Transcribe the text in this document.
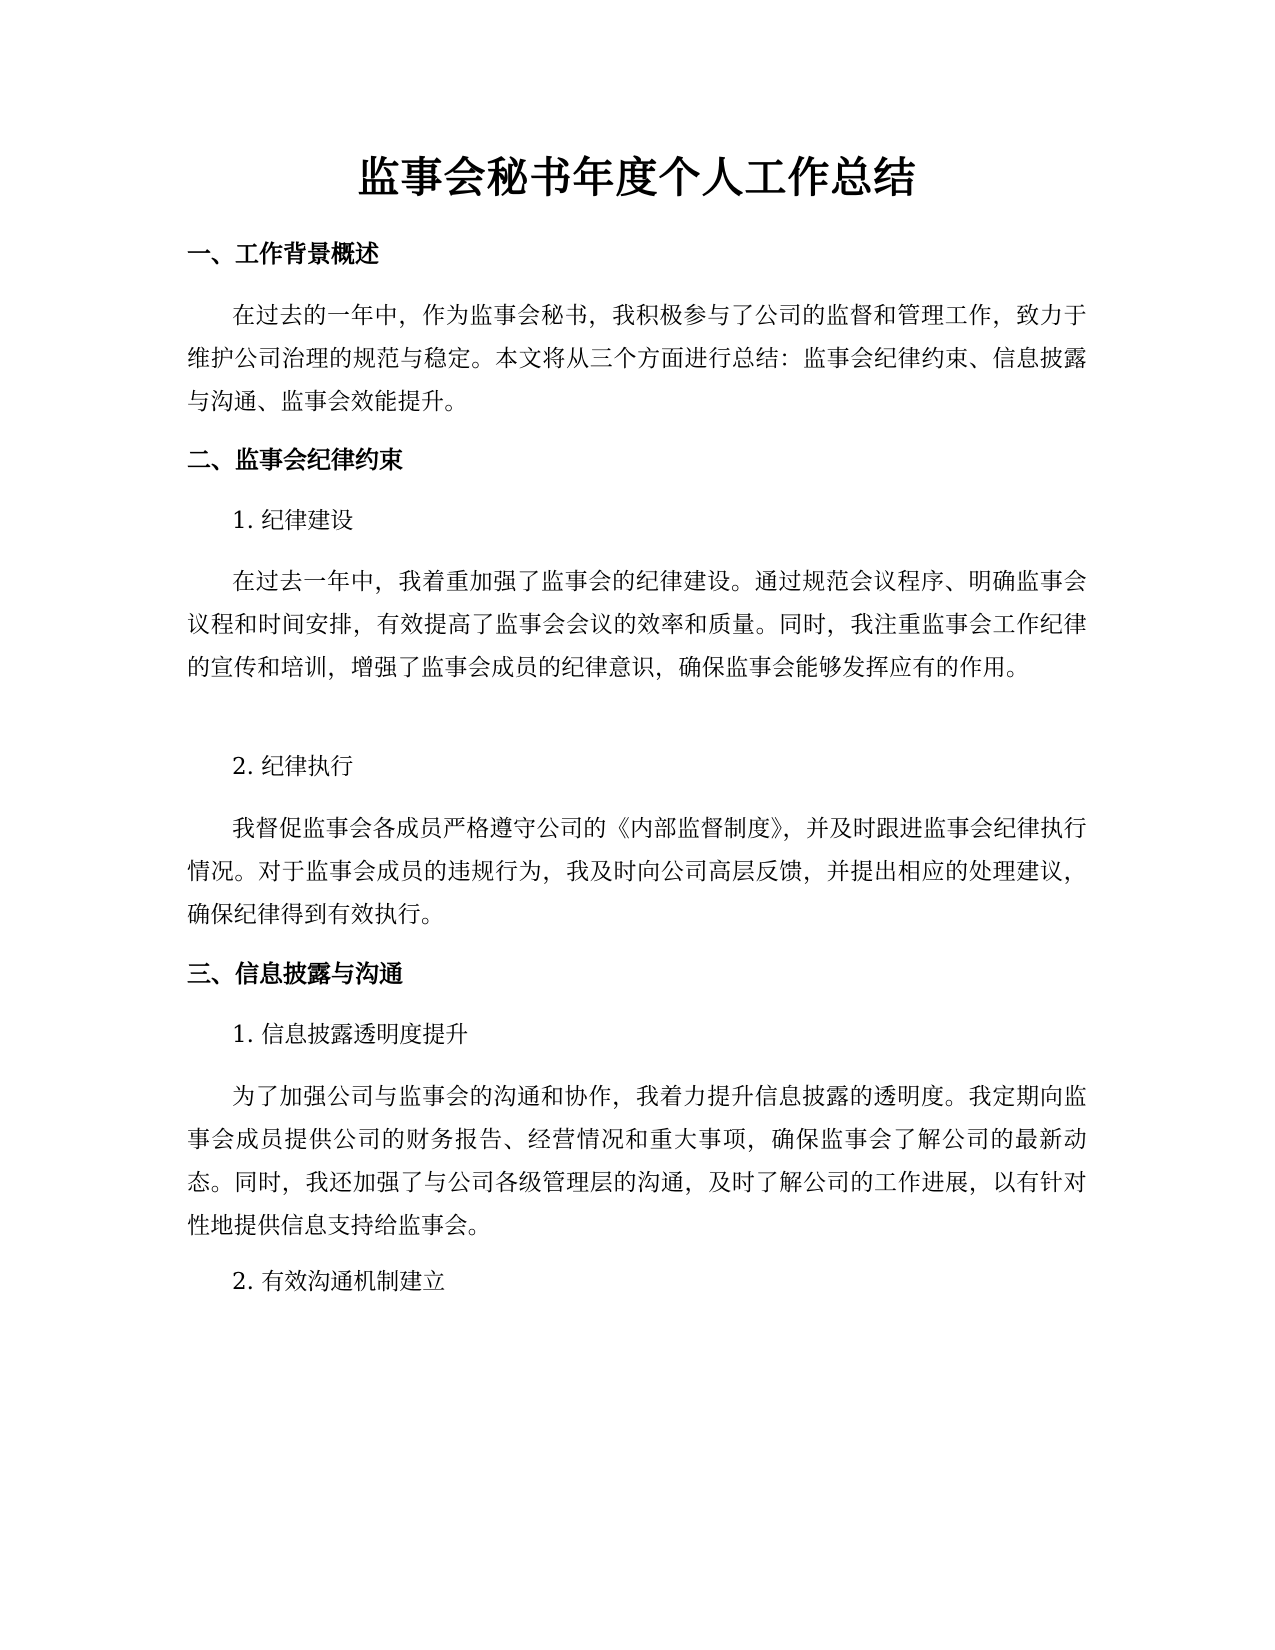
监事会秘书年度个人工作总结
一、工作背景概述

在过去的一年中，作为监事会秘书，我积极参与了公司的监督和管理工作，致力于维护公司治理的规范与稳定。本文将从三个方面进行总结：监事会纪律约束、信息披露与沟通、监事会效能提升。

二、监事会纪律约束

1. 纪律建设

在过去一年中，我着重加强了监事会的纪律建设。通过规范会议程序、明确监事会议程和时间安排，有效提高了监事会会议的效率和质量。同时，我注重监事会工作纪律的宣传和培训，增强了监事会成员的纪律意识，确保监事会能够发挥应有的作用。

2. 纪律执行

我督促监事会各成员严格遵守公司的《内部监督制度》，并及时跟进监事会纪律执行情况。对于监事会成员的违规行为，我及时向公司高层反馈，并提出相应的处理建议，确保纪律得到有效执行。

三、信息披露与沟通

1. 信息披露透明度提升

为了加强公司与监事会的沟通和协作，我着力提升信息披露的透明度。我定期向监事会成员提供公司的财务报告、经营情况和重大事项，确保监事会了解公司的最新动态。同时，我还加强了与公司各级管理层的沟通，及时了解公司的工作进展，以有针对性地提供信息支持给监事会。

2. 有效沟通机制建立
